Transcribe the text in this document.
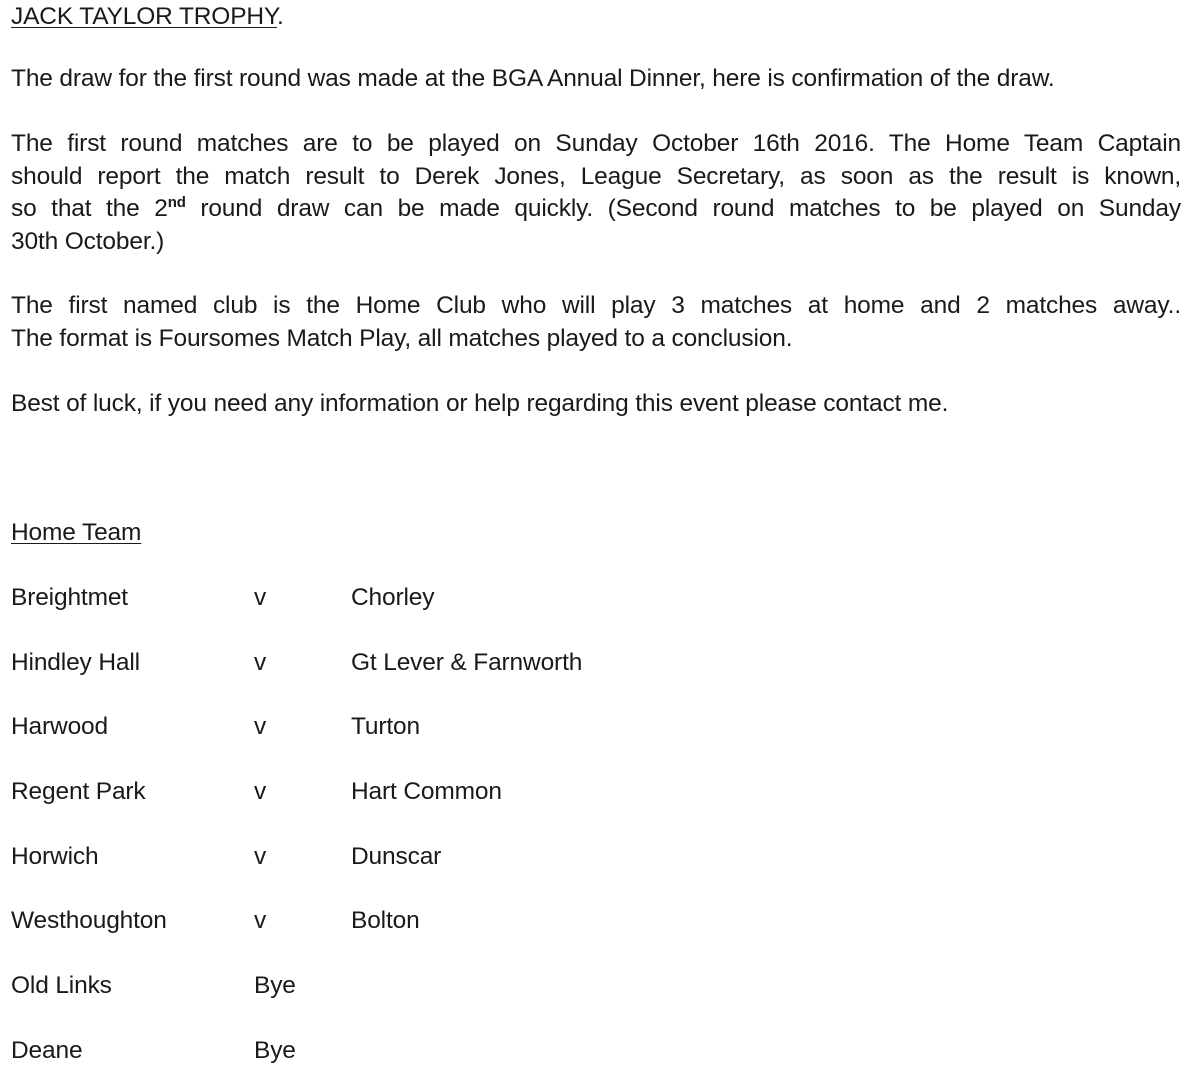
JACK TAYLOR TROPHY.
The draw for the first round was made at the BGA Annual Dinner, here is confirmation of the draw.
The first round matches are to be played on Sunday October 16th 2016. The Home Team Captain
should report the match result to Derek Jones, League Secretary, as soon as the result is known,
so that the 2nd round draw can be made quickly. (Second round matches to be played on Sunday
30th October.)
The first named club is the Home Club who will play 3 matches at home and 2 matches away..
The format is Foursomes Match Play, all matches played to a conclusion.
Best of luck, if you need any information or help regarding this event please contact me.
Home Team
Breightmet	v	Chorley
Hindley Hall	v	Gt Lever & Farnworth
Harwood	v	Turton
Regent Park	v	Hart Common
Horwich	v	Dunscar
Westhoughton	v	Bolton
Old Links	Bye
Deane	Bye
